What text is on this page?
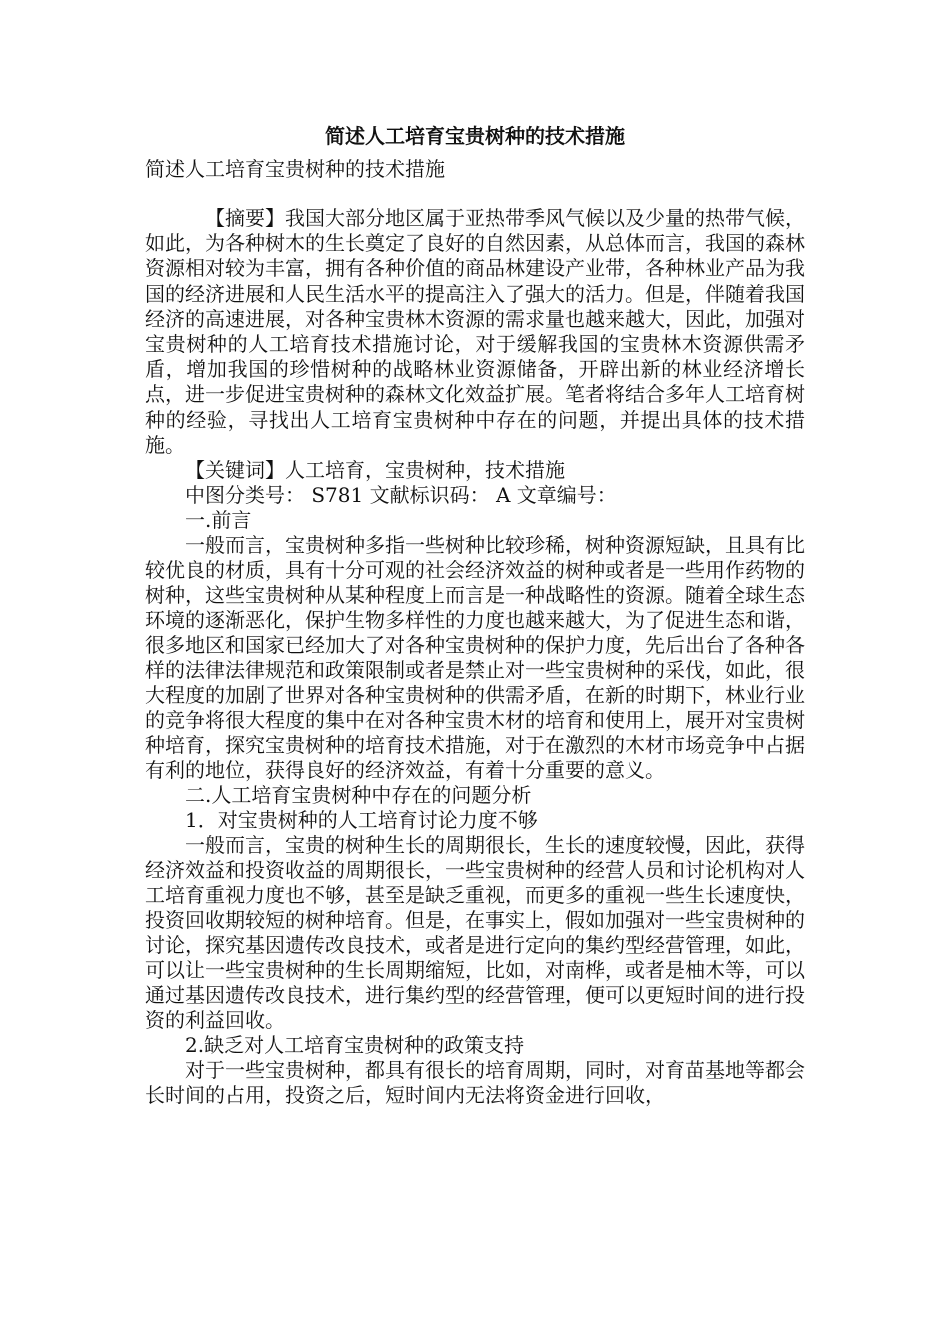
简述人工培育宝贵树种的技术措施

简述人工培育宝贵树种的技术措施

【摘要】我国大部分地区属于亚热带季风气候以及少量的热带气候，如此，为各种树木的生长奠定了良好的自然因素，从总体而言，我国的森林资源相对较为丰富，拥有各种价值的商品林建设产业带，各种林业产品为我国的经济进展和人民生活水平的提高注入了强大的活力。但是，伴随着我国经济的高速进展，对各种宝贵林木资源的需求量也越来越大，因此，加强对宝贵树种的人工培育技术措施讨论，对于缓解我国的宝贵林木资源供需矛盾，增加我国的珍惜树种的战略林业资源储备，开辟出新的林业经济增长点，进一步促进宝贵树种的森林文化效益扩展。笔者将结合多年人工培育树种的经验，寻找出人工培育宝贵树种中存在的问题，并提出具体的技术措施。

【关键词】人工培育，宝贵树种，技术措施

中图分类号： S781 文献标识码： A 文章编号：

一.前言

一般而言，宝贵树种多指一些树种比较珍稀，树种资源短缺，且具有比较优良的材质，具有十分可观的社会经济效益的树种或者是一些用作药物的树种，这些宝贵树种从某种程度上而言是一种战略性的资源。随着全球生态环境的逐渐恶化，保护生物多样性的力度也越来越大，为了促进生态和谐，很多地区和国家已经加大了对各种宝贵树种的保护力度，先后出台了各种各样的法律法律规范和政策限制或者是禁止对一些宝贵树种的采伐，如此，很大程度的加剧了世界对各种宝贵树种的供需矛盾，在新的时期下，林业行业的竞争将很大程度的集中在对各种宝贵木材的培育和使用上，展开对宝贵树种培育，探究宝贵树种的培育技术措施，对于在激烈的木材市场竞争中占据有利的地位，获得良好的经济效益，有着十分重要的意义。

二.人工培育宝贵树种中存在的问题分析

1．对宝贵树种的人工培育讨论力度不够

一般而言，宝贵的树种生长的周期很长，生长的速度较慢，因此，获得经济效益和投资收益的周期很长，一些宝贵树种的经营人员和讨论机构对人工培育重视力度也不够，甚至是缺乏重视，而更多的重视一些生长速度快，投资回收期较短的树种培育。但是，在事实上，假如加强对一些宝贵树种的讨论，探究基因遗传改良技术，或者是进行定向的集约型经营管理，如此，可以让一些宝贵树种的生长周期缩短，比如，对南桦，或者是柚木等，可以通过基因遗传改良技术，进行集约型的经营管理，便可以更短时间的进行投资的利益回收。

2.缺乏对人工培育宝贵树种的政策支持

对于一些宝贵树种，都具有很长的培育周期，同时，对育苗基地等都会长时间的占用，投资之后，短时间内无法将资金进行回收，
